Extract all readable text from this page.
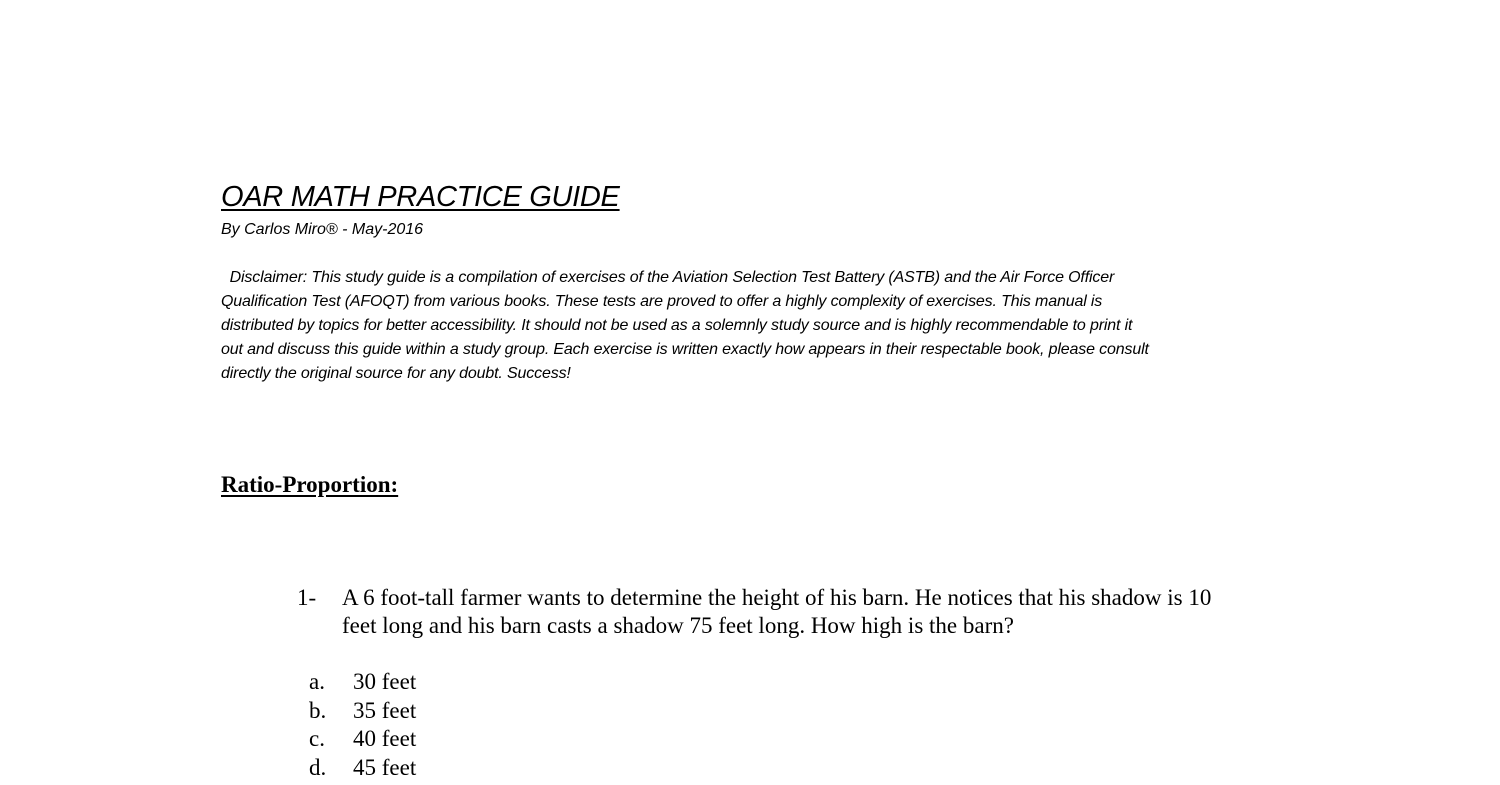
OAR MATH PRACTICE GUIDE
By Carlos Miro® - May-2016

Disclaimer: This study guide is a compilation of exercises of the Aviation Selection Test Battery (ASTB) and the Air Force Officer
Qualification Test (AFOQT) from various books. These tests are proved to offer a highly complexity of exercises. This manual is
distributed by topics for better accessibility. It should not be used as a solemnly study source and is highly recommendable to print it
out and discuss this guide within a study group. Each exercise is written exactly how appears in their respectable book, please consult
directly the original source for any doubt. Success!

Ratio-Proportion:
1- A 6 foot-tall farmer wants to determine the height of his barn. He notices that his shadow is 10
feet long and his barn casts a shadow 75 feet long. How high is the barn?
a. 30 feet
b. 35 feet
c. 40 feet
d. 45 feet
